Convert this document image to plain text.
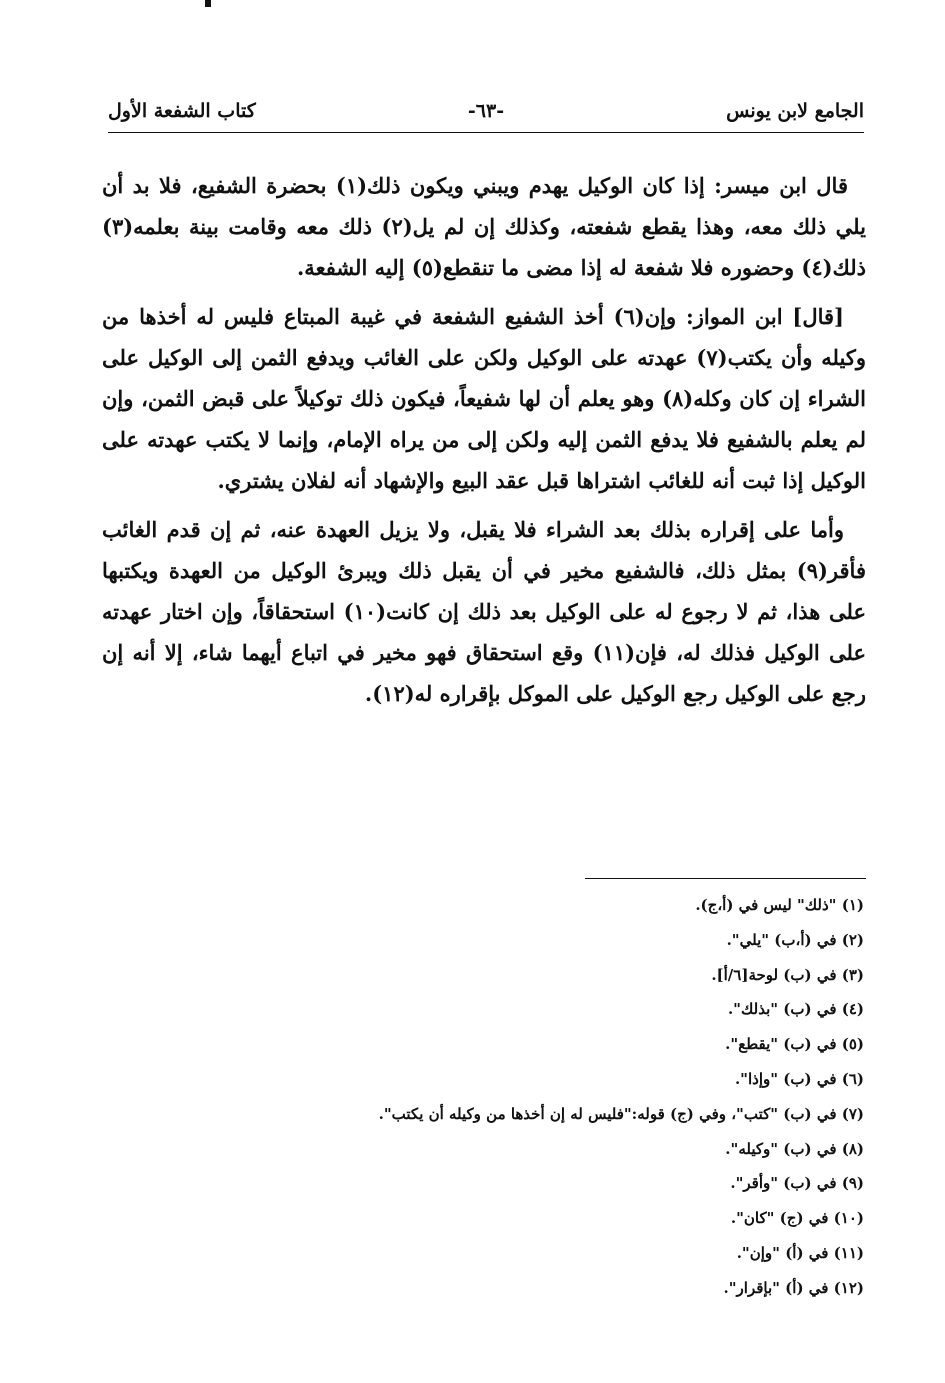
الجامع لابن يونس
-٦٣-
كتاب الشفعة الأول

قال ابن ميسر: إذا كان الوكيل يهدم ويبني ويكون ذلك(١) بحضرة الشفيع، فلا بد أن يلي ذلك معه، وهذا يقطع شفعته، وكذلك إن لم يل(٢) ذلك معه وقامت بينة بعلمه(٣) ذلك(٤) وحضوره فلا شفعة له إذا مضى ما تنقطع(٥) إليه الشفعة.

[قال] ابن المواز: وإن(٦) أخذ الشفيع الشفعة في غيبة المبتاع فليس له أخذها من وكيله وأن يكتب(٧) عهدته على الوكيل ولكن على الغائب ويدفع الثمن إلى الوكيل على الشراء إن كان وكله(٨) وهو يعلم أن لها شفيعاً، فيكون ذلك توكيلاً على قبض الثمن، وإن لم يعلم بالشفيع فلا يدفع الثمن إليه ولكن إلى من يراه الإمام، وإنما لا يكتب عهدته على الوكيل إذا ثبت أنه للغائب اشتراها قبل عقد البيع والإشهاد أنه لفلان يشتري.

وأما على إقراره بذلك بعد الشراء فلا يقبل، ولا يزيل العهدة عنه، ثم إن قدم الغائب فأقر(٩) بمثل ذلك، فالشفيع مخير في أن يقبل ذلك ويبرئ الوكيل من العهدة ويكتبها على هذا، ثم لا رجوع له على الوكيل بعد ذلك إن كانت(١٠) استحقاقاً، وإن اختار عهدته على الوكيل فذلك له، فإن(١١) وقع استحقاق فهو مخير في اتباع أيهما شاء، إلا أنه إن رجع على الوكيل رجع الوكيل على الموكل بإقراره له(١٢).

(١) "ذلك" ليس في (أ،ج).
(٢) في (أ،ب) "يلي".
(٣) في (ب) لوحة[٦/أ].
(٤) في (ب) "بذلك".
(٥) في (ب) "يقطع".
(٦) في (ب) "وإذا".
(٧) في (ب) "كتب"، وفي (ج) قوله:"فليس له إن أخذها من وكيله أن يكتب".
(٨) في (ب) "وكيله".
(٩) في (ب) "وأقر".
(١٠) في (ج) "كان".
(١١) في (أ) "وإن".
(١٢) في (أ) "بإقرار".
